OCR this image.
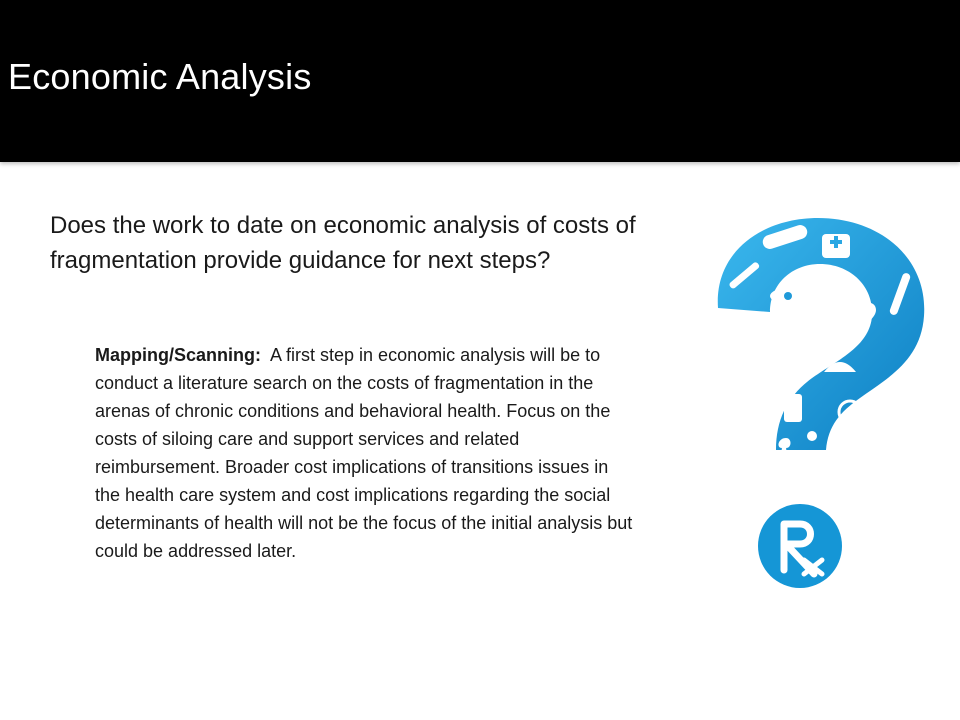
Economic Analysis

Does the work to date on economic analysis of costs of fragmentation provide guidance for next steps?

Mapping/Scanning: A first step in economic analysis will be to conduct a literature search on the costs of fragmentation in the arenas of chronic conditions and behavioral health. Focus on the costs of siloing care and support services and related reimbursement. Broader cost implications of transitions issues in the health care system and cost implications regarding the social determinants of health will not be the focus of the initial analysis but could be addressed later.
